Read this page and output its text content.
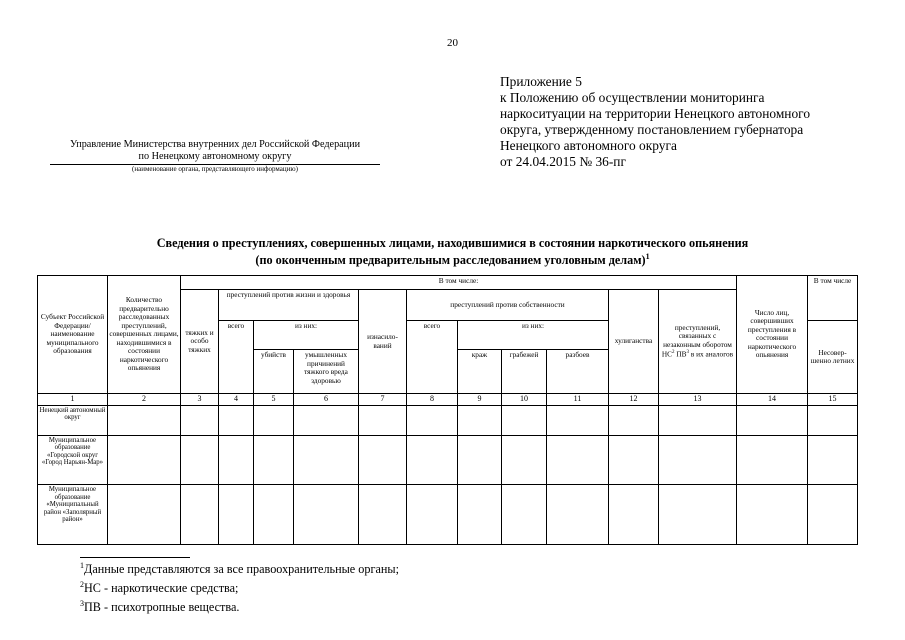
20
Приложение 5
к Положению об осуществлении мониторинга
наркоситуации на территории Ненецкого автономного
округа, утвержденному постановлением губернатора
Ненецкого автономного округа
от 24.04.2015 № 36-пг
Управление Министерства внутренних дел Российской Федерации
по Ненецкому автономному округу
(наименование органа, представляющего информацию)
Сведения о преступлениях, совершенных лицами, находившимися в состоянии наркотического опьянения
(по оконченным предварительным расследованием уголовным делам)$^1$
Субъект Российской Федерации/ наименование муниципального образования	Количество предварительно расследованных преступлений, совершенных лицами, находившимися в состоянии наркотического опьянения	В том числе:											Число лиц, совершивших преступления в состоянии наркотического опьянения	В том числе
		тяжких и особо тяжких	преступлений против жизни и здоровья			изнасило-ваний	преступлений против собственности				хулиганства	преступлений, связанных с незаконным оборотом $НС^2$ $ПВ^3$ в их аналогов		
			всего	из них:			всего	из них:						Несовер-шенно летних
				убийств	умышленных причинений тяжкого вреда здоровью			краж	грабежей	разбоев				
1	2	3	4	5	6	7	8	9	10	11	12	13	14	15
Ненецкий автономный округ														
Муниципальное образование «Городской округ «Город Нарьян-Мар»														
Муниципальное образование «Муниципальный район «Заполярный район»														
$^1$Данные представляются за все правоохранительные органы;
$^2$НС - наркотические средства;
$^3$ПВ - психотропные вещества.
